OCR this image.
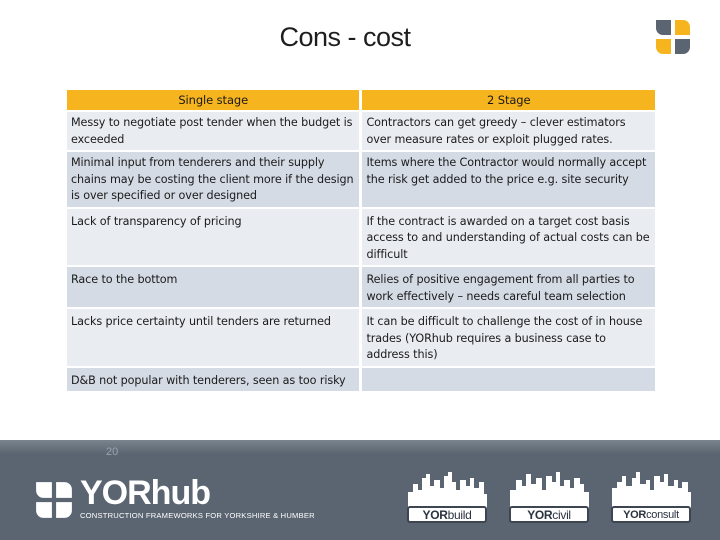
Cons - cost
Single stage	2 Stage
Messy to negotiate post tender when the budget is exceeded	Contractors can get greedy – clever estimators over measure rates or exploit plugged rates.
Minimal input from tenderers and their supply chains may be costing the client more if the design is over specified or over designed	Items where the Contractor would normally accept the risk get added to the price e.g. site security
Lack of transparency of pricing	If the contract is awarded on a target cost basis access to and understanding of actual costs can be difficult
Race to the bottom	Relies of positive engagement from all parties to work effectively – needs careful team selection
Lacks price certainty until tenders are returned	It can be difficult to challenge the cost of in house trades (YORhub requires a business case to address this)
D&B not popular with tenderers, seen as too risky	
20
YORhub
CONSTRUCTION FRAMEWORKS FOR YORKSHIRE & HUMBER	YORbuild	YORcivil	YORconsult
